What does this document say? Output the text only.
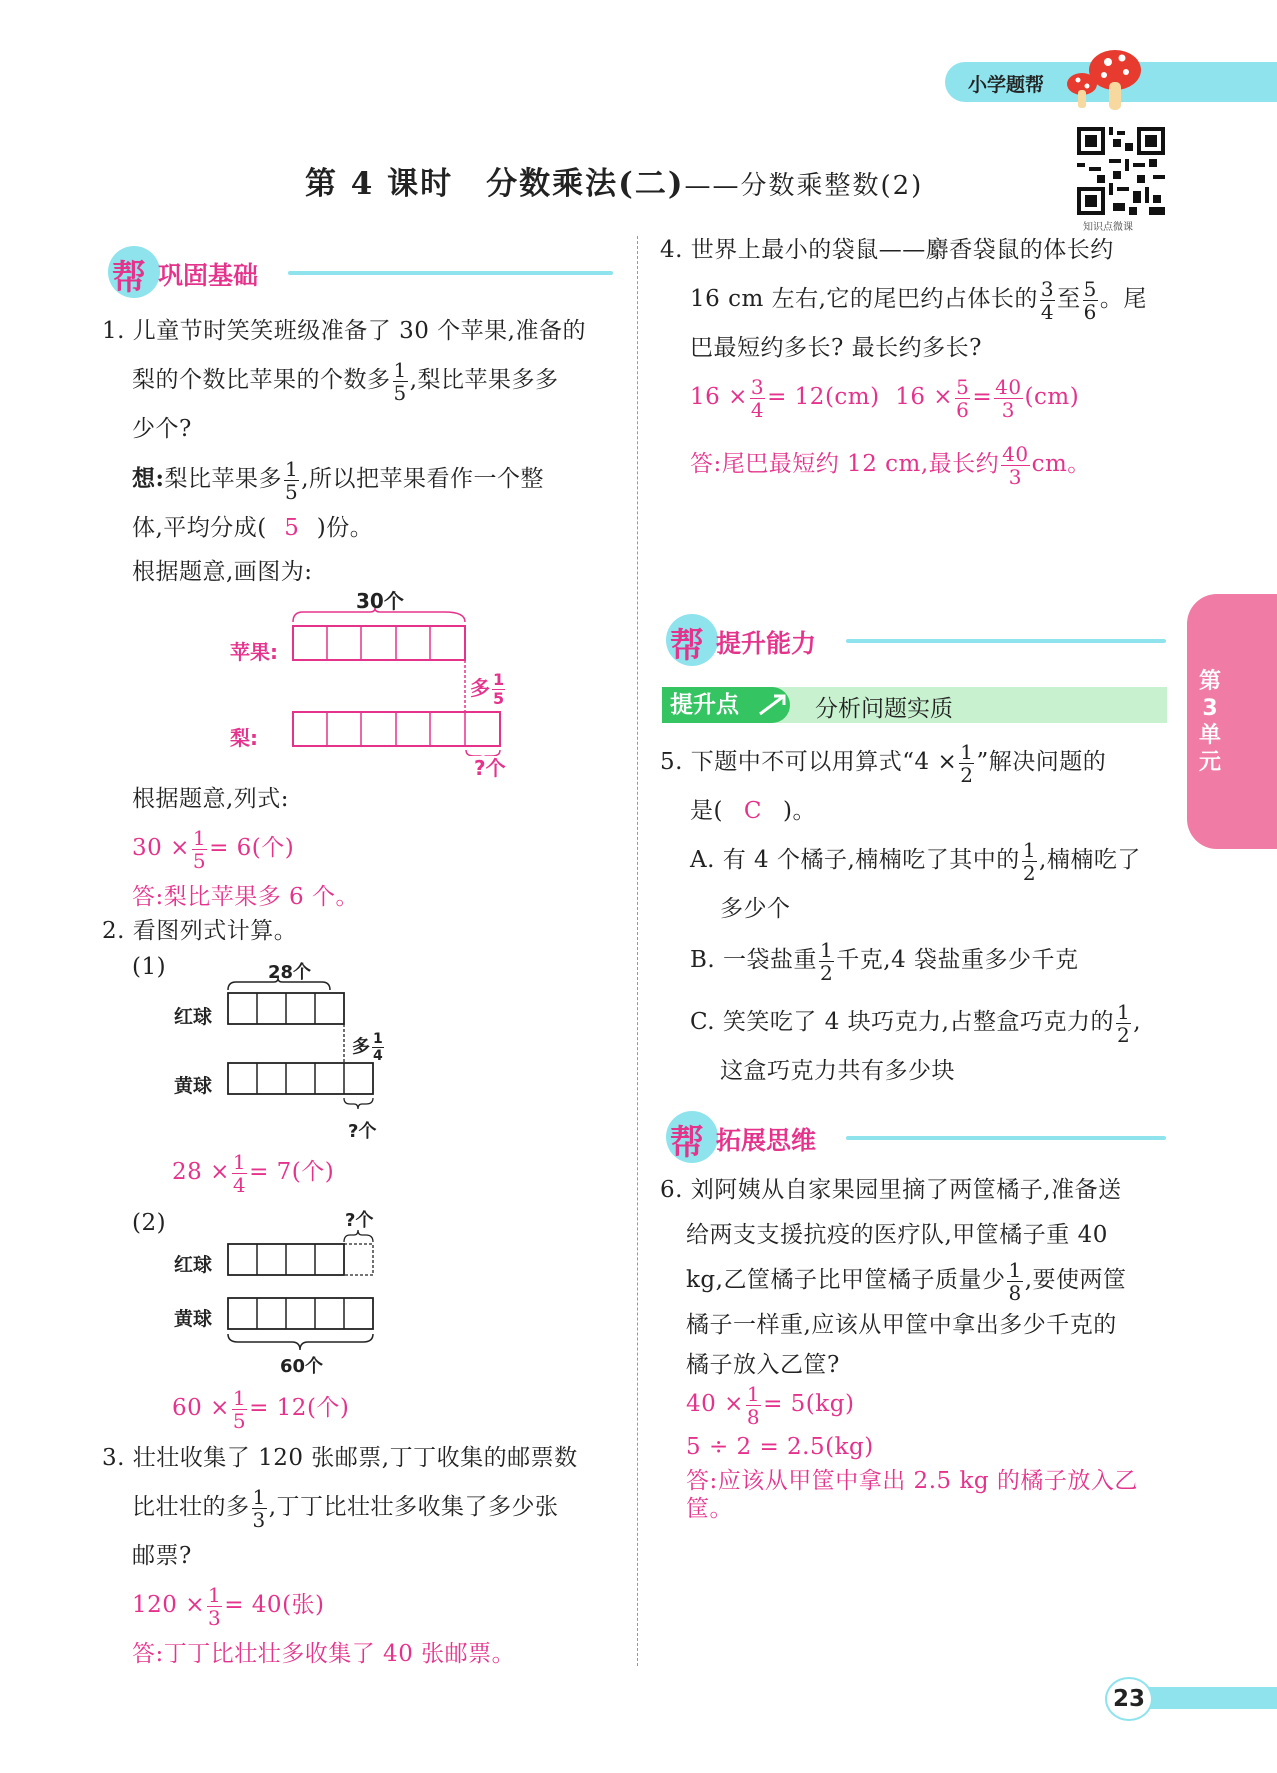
小学题帮
第 4 课时　分数乘法(二)——分数乘整数(2)
知识点微课
帮 巩固基础
1. 儿童节时笑笑班级准备了 30 个苹果,准备的
梨的个数比苹果的个数多 $\frac{1}{5}$ ,梨比苹果多多
少个?
想:梨比苹果多 $\frac{1}{5}$ ,所以把苹果看作一个整
体,平均分成( 5 )份。
根据题意,画图为:
30个
苹果:
梨:
多 $\frac{1}{5}$
?个
根据题意,列式:
$30 \times \frac{1}{5} = 6$(个)
答:梨比苹果多 6 个。
2. 看图列式计算。
(1)	28个
红球
黄球
多 $\frac{1}{4}$
?个
$28 \times \frac{1}{4} = 7$(个)
(2)	?个
红球
黄球
60个
$60 \times \frac{1}{5} = 12$(个)
3. 壮壮收集了 120 张邮票,丁丁收集的邮票数
比壮壮的多 $\frac{1}{3}$ ,丁丁比壮壮多收集了多少张
邮票?
$120 \times \frac{1}{3} = 40$(张)
答:丁丁比壮壮多收集了 40 张邮票。
4. 世界上最小的袋鼠——麝香袋鼠的体长约
16 cm 左右,它的尾巴约占体长的 $\frac{3}{4}$ 至 $\frac{5}{6}$ 。尾
巴最短约多长? 最长约多长?
$16 \times \frac{3}{4} = 12(cm) 16 \times \frac{5}{6} = \frac{40}{3} (cm)$
答:尾巴最短约 12 cm,最长约 $\frac{40}{3}$ cm。
帮 提升能力
提升点	分析问题实质
5. 下题中不可以用算式“$4 \times \frac{1}{2}$ ”解决问题的
是( C )。
A. 有 4 个橘子,楠楠吃了其中的 $\frac{1}{2}$ ,楠楠吃了
多少个
B. 一袋盐重 $\frac{1}{2}$ 千克,4 袋盐重多少千克
C. 笑笑吃了 4 块巧克力,占整盒巧克力的 $\frac{1}{2}$ ,
这盒巧克力共有多少块
帮 拓展思维
6. 刘阿姨从自家果园里摘了两筐橘子,准备送
给两支支援抗疫的医疗队,甲筐橘子重 40
kg,乙筐橘子比甲筐橘子质量少 $\frac{1}{8}$ ,要使两筐
橘子一样重,应该从甲筐中拿出多少千克的
橘子放入乙筐?
$40 \times \frac{1}{8} = 5(kg)$
5 ÷ 2 = 2.5(kg)
答:应该从甲筐中拿出 2.5 kg 的橘子放入乙筐。
第3单元
23
